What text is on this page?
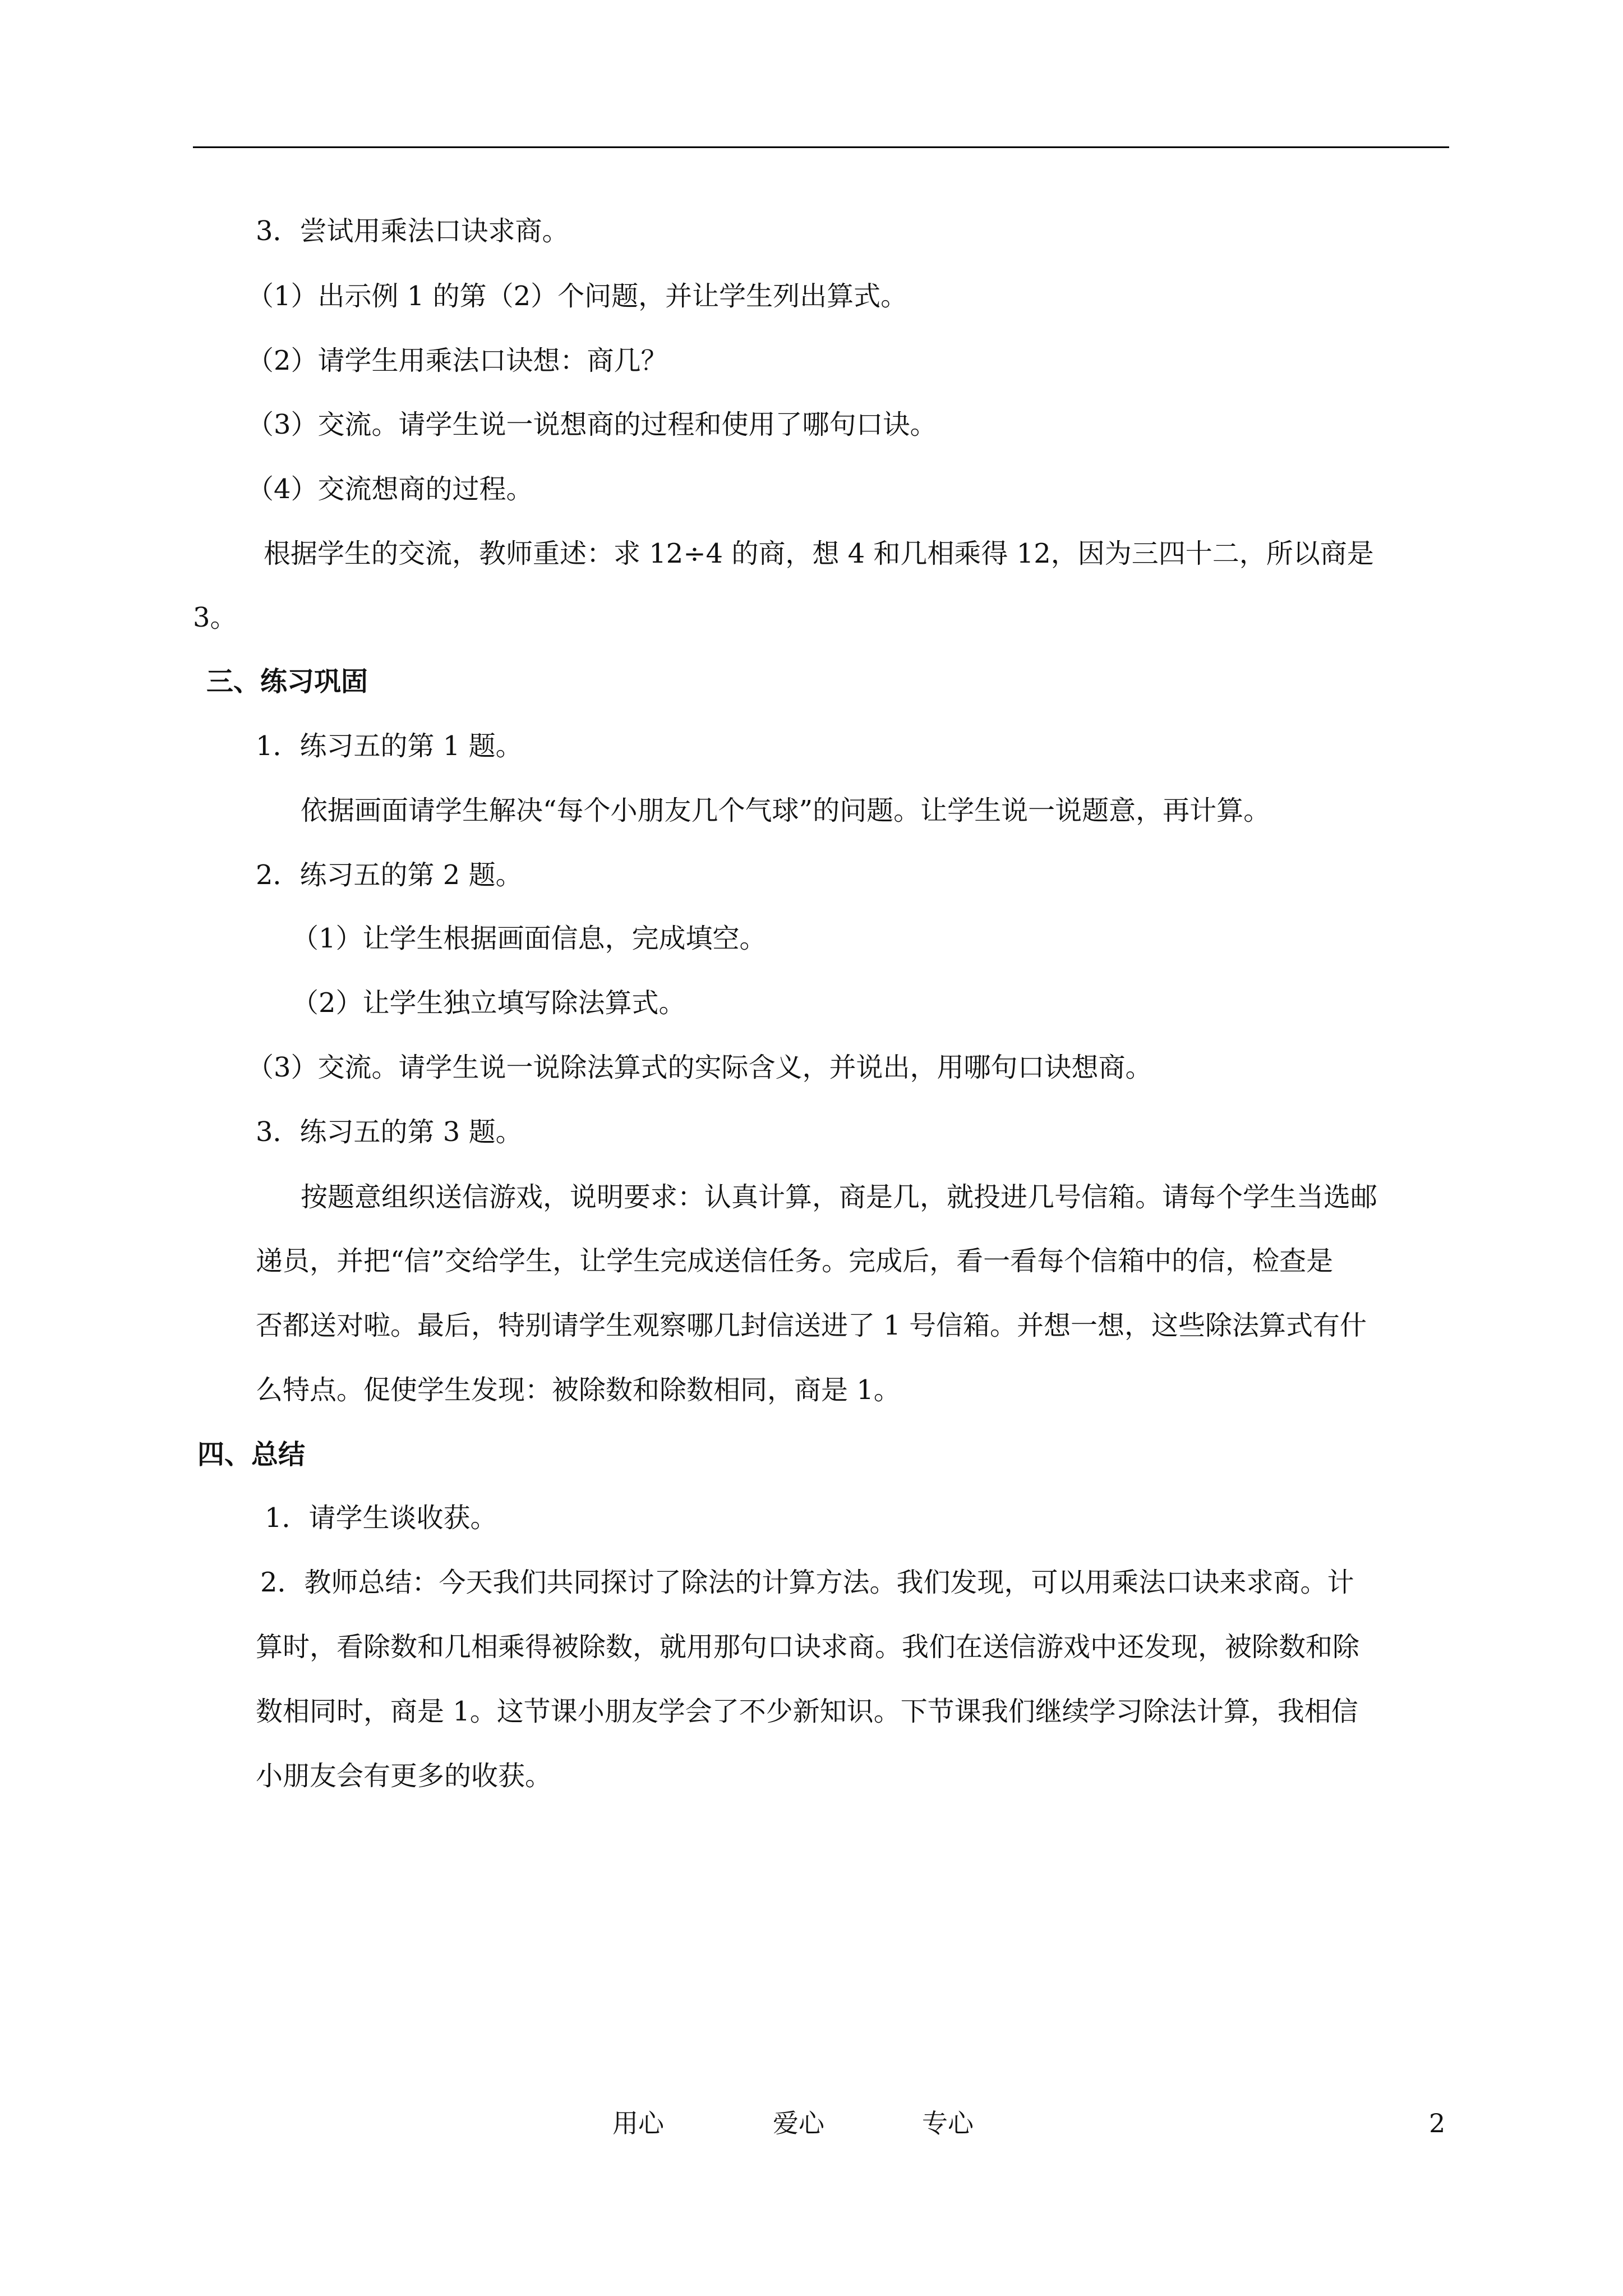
3．尝试用乘法口诀求商。
（1）出示例 1 的第（2）个问题，并让学生列出算式。
（2）请学生用乘法口诀想：商几？
（3）交流。请学生说一说想商的过程和使用了哪句口诀。
（4）交流想商的过程。
根据学生的交流，教师重述：求 12÷4 的商，想 4 和几相乘得 12，因为三四十二，所以商是
3。
三、练习巩固
1．练习五的第 1 题。
依据画面请学生解决“每个小朋友几个气球”的问题。让学生说一说题意，再计算。
2．练习五的第 2 题。
（1）让学生根据画面信息，完成填空。
（2）让学生独立填写除法算式。
（3）交流。请学生说一说除法算式的实际含义，并说出，用哪句口诀想商。
3．练习五的第 3 题。
按题意组织送信游戏，说明要求：认真计算，商是几，就投进几号信箱。请每个学生当选邮
递员，并把“信”交给学生，让学生完成送信任务。完成后，看一看每个信箱中的信，检查是
否都送对啦。最后，特别请学生观察哪几封信送进了 1 号信箱。并想一想，这些除法算式有什
么特点。促使学生发现：被除数和除数相同，商是 1。
四、总结
1．请学生谈收获。
2．教师总结：今天我们共同探讨了除法的计算方法。我们发现，可以用乘法口诀来求商。计
算时，看除数和几相乘得被除数，就用那句口诀求商。我们在送信游戏中还发现，被除数和除
数相同时，商是 1。这节课小朋友学会了不少新知识。下节课我们继续学习除法计算，我相信
小朋友会有更多的收获。
用心	爱心	专心	2
